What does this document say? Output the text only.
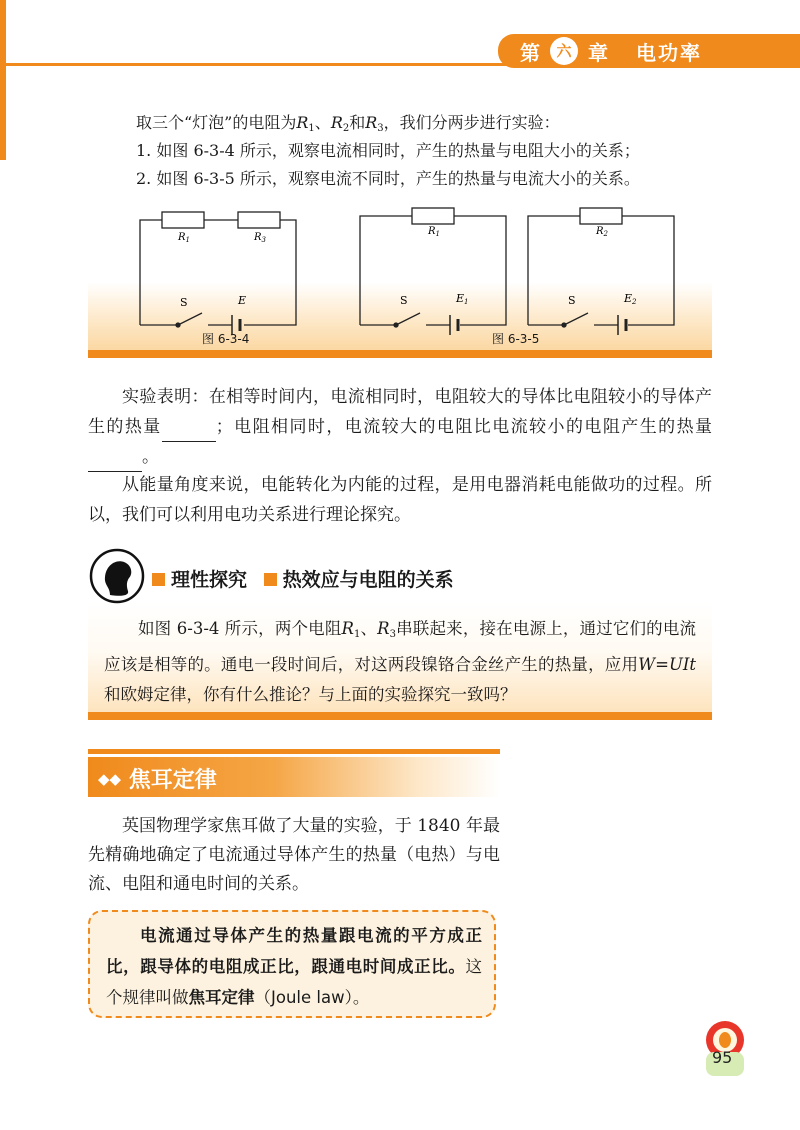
第	六 章 电功率
取三个“灯泡”的电阻为$R_1$、$R_2$和$R_3$，我们分两步进行实验：
1. 如图 6-3-4 所示，观察电流相同时，产生的热量与电阻大小的关系；
2. 如图 6-3-5 所示，观察电流不同时，产生的热量与电流大小的关系。
$R_1$	$R_3$
S	E
图 6-3-4
$R_1$
S	E1
$R_2$
S	E2
图 6-3-5
实验表明：在相等时间内，电流相同时，电阻较大的导体比电阻较小的导体产生的热量	；电阻相同时，电流较大的电阻比电流较小的电阻产生的热量。
从能量角度来说，电能转化为内能的过程，是用电器消耗电能做功的过程。所以，我们可以利用电功关系进行理论探究。
理性探究 热效应与电阻的关系
如图 6-3-4 所示，两个电阻$R_1$、$R_3$串联起来，接在电源上，通过它们的电流应该是相等的。通电一段时间后，对这两段镍铬合金丝产生的热量，应用W=UIt和欧姆定律，你有什么推论？与上面的实验探究一致吗？
◆◆ 焦耳定律
英国物理学家焦耳做了大量的实验，于 1840 年最先精确地确定了电流通过导体产生的热量（电热）与电流、电阻和通电时间的关系。
电流通过导体产生的热量跟电流的平方成正比，跟导体的电阻成正比，跟通电时间成正比。这个规律叫做焦耳定律（Joule law）。
95
